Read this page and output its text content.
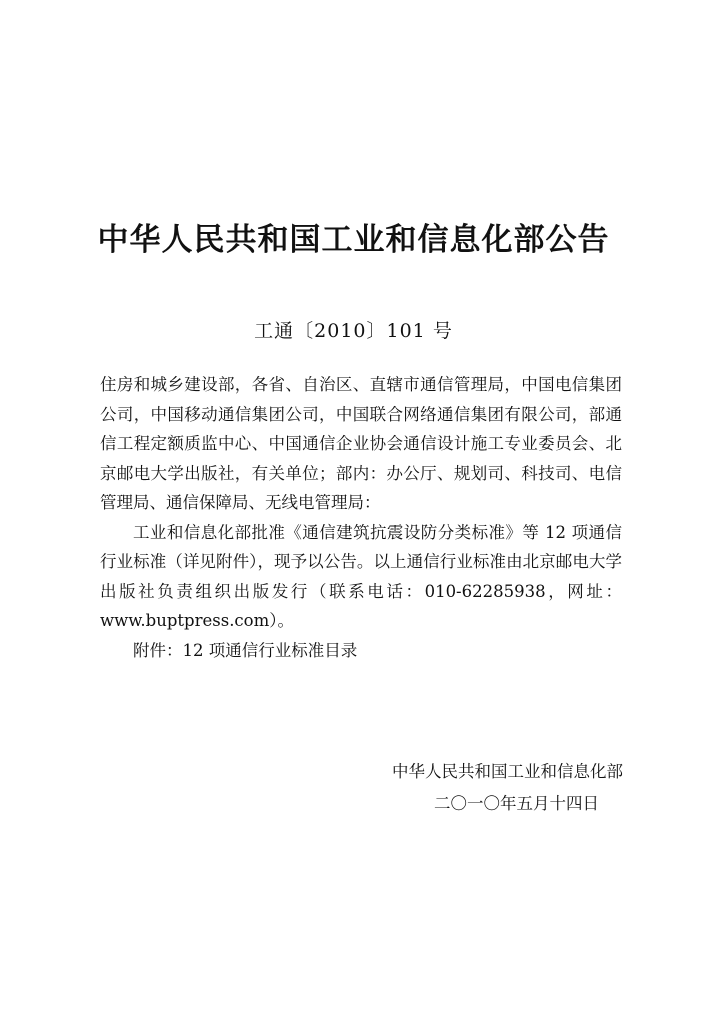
中华人民共和国工业和信息化部公告
工通〔2010〕101 号

住房和城乡建设部，各省、自治区、直辖市通信管理局，中国电信集团公司，中国移动通信集团公司，中国联合网络通信集团有限公司，部通信工程定额质监中心、中国通信企业协会通信设计施工专业委员会、北京邮电大学出版社，有关单位；部内：办公厅、规划司、科技司、电信管理局、通信保障局、无线电管理局：

工业和信息化部批准《通信建筑抗震设防分类标准》等 12 项通信行业标准（详见附件），现予以公告。以上通信行业标准由北京邮电大学出版社负责组织出版发行（联系电话：010-62285938，网址：www.buptpress.com）。

附件：12 项通信行业标准目录

中华人民共和国工业和信息化部
二〇一〇年五月十四日
